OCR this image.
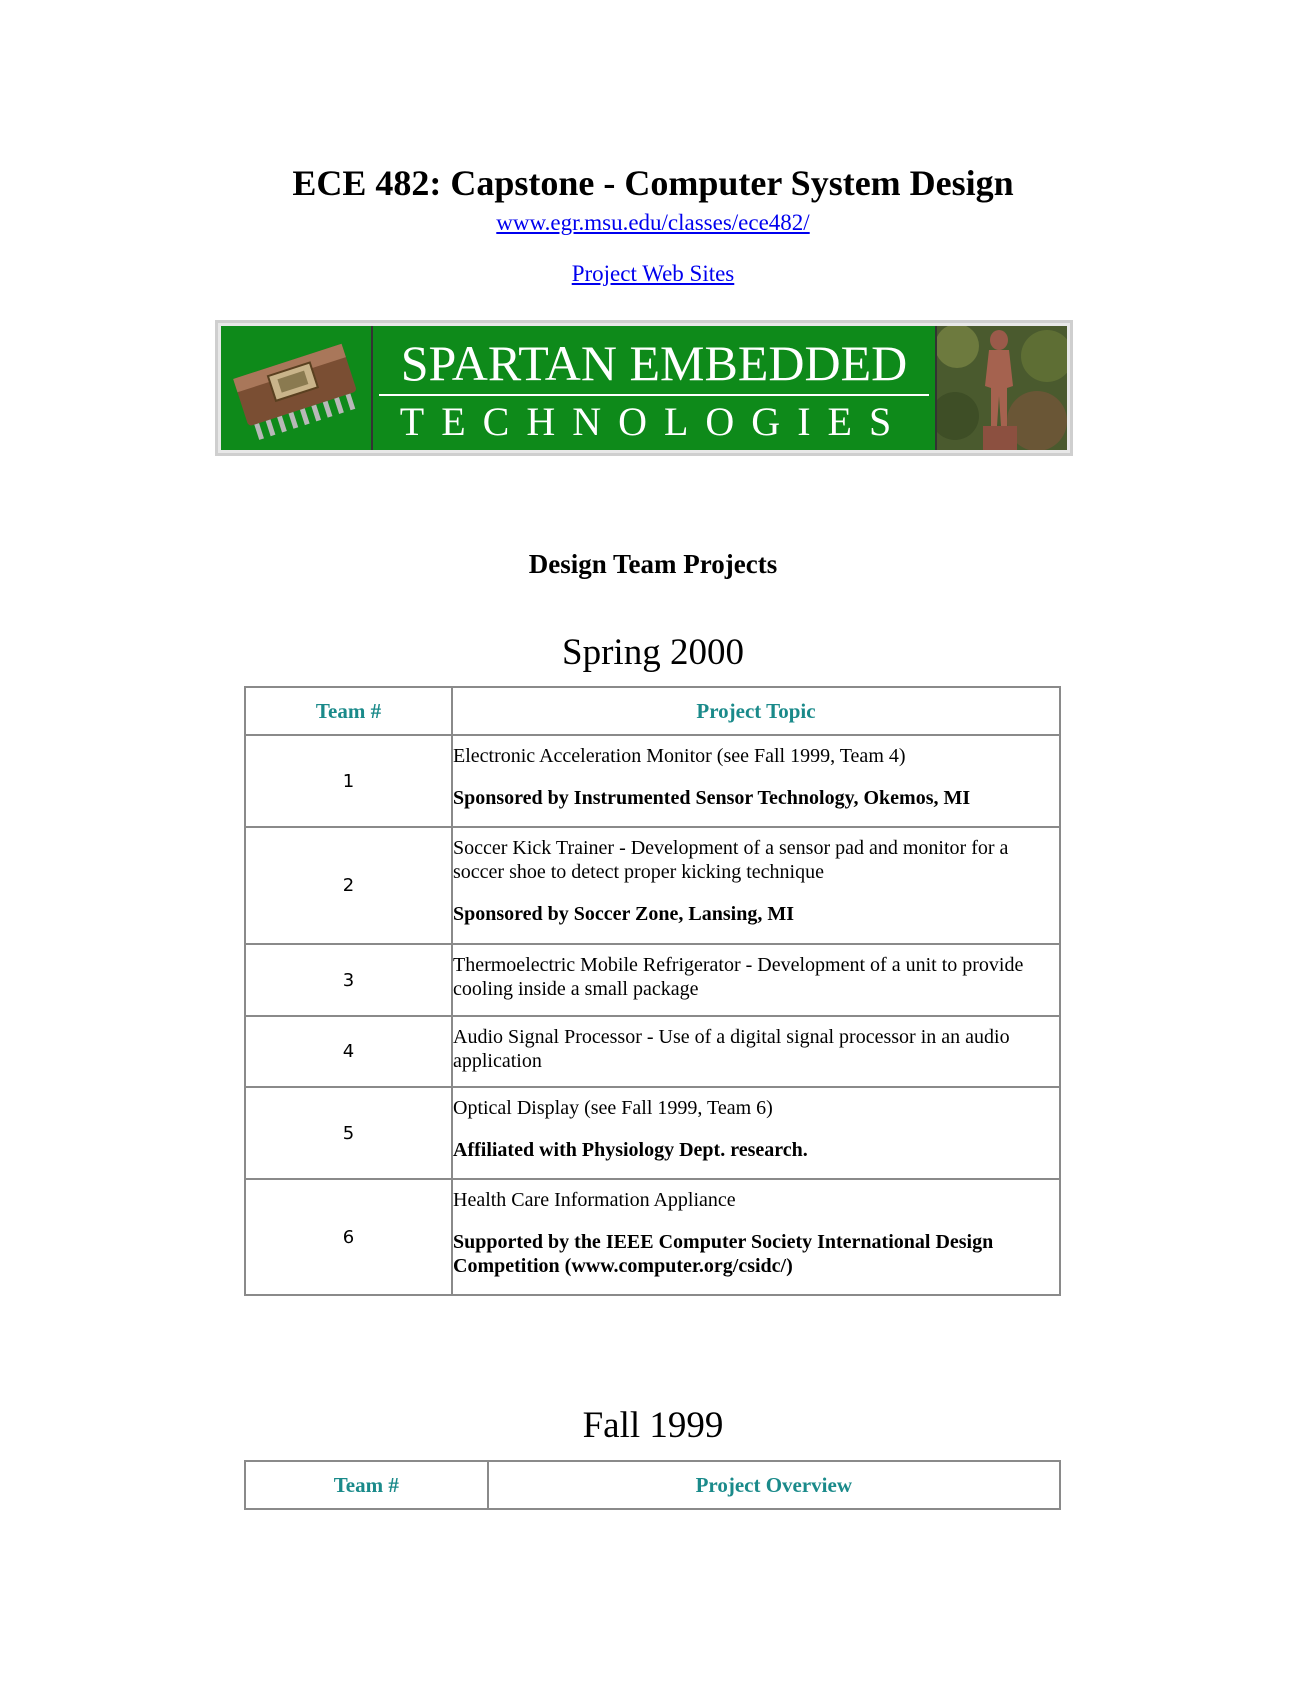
ECE 482: Capstone - Computer System Design
www.egr.msu.edu/classes/ece482/
Project Web Sites
SPARTAN EMBEDDED
TECHNOLOGIES
Design Team Projects
Spring 2000
Team #	Project Topic
1	Electronic Acceleration Monitor (see Fall 1999, Team 4)

Sponsored by Instrumented Sensor Technology, Okemos, MI

2	Soccer Kick Trainer - Development of a sensor pad and monitor for a soccer shoe to detect proper kicking technique

Sponsored by Soccer Zone, Lansing, MI

3	Thermoelectric Mobile Refrigerator - Development of a unit to provide cooling inside a small package

4	Audio Signal Processor - Use of a digital signal processor in an audio application

5	Optical Display (see Fall 1999, Team 6)

Affiliated with Physiology Dept. research.

6	Health Care Information Appliance

Supported by the IEEE Computer Society International Design Competition (www.computer.org/csidc/)

Fall 1999
Team #	Project Overview
